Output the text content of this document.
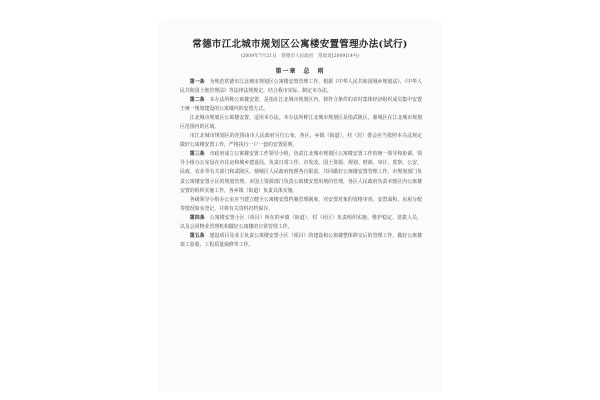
常德市江北城市规划区公寓楼安置管理办法(试行)
(2009年7月21日　常德市人民政府　常政发[2009]14号)
第一章　总　则

第一条　 为规范常德市江北城市规划区公寓楼安置管理工作，根据《中华人民共和国城乡规划法》、《中华人民共和国土地管理法》等法律法规规定，结合我市实际，制定本办法。

第二条　 本办法所称公寓楼安置，是指在江北城市规划区内，将符合条件的农村集体经济组织成员集中安置于统一规划建设的公寓楼内的安置方式。

江北城市规划区公寓楼安置，适用本办法。本办法所称江北城市规划区是指武陵区、鼎城区在江北城市规划区范围内的区域。

市江北城市规划区的范围由市人民政府另行公布，各区、乡镇（街道）、村（居）委会应当依照本办法规定做好公寓楼安置工作，严格执行一户一套的安置原则。

第三条　 市政府成立公寓楼安置工作领导小组，负责江北城市规划区公寓楼安置工作的统一领导和协调。领导小组办公室设在市住房和城乡建设局，负责日常工作。市发改、国土资源、规划、财政、审计、监察、公安、民政、农业等有关部门和武陵区、鼎城区人民政府按照各自职责，共同做好公寓楼安置管理工作。市规划部门负责公寓楼安置小区的规划管理，市国土资源部门负责公寓楼安置用地的管理，各区人民政府负责本辖区内公寓楼安置的组织实施工作，各乡镇（街道）负责具体实施。

各级领导小组办公室应当建立健全公寓楼安置档案管理制度，对安置对象的资格审查、安置面积、房屋分配等情况如实登记，并将有关资料归档保存。

第四条　 公寓楼安置小区（项目）所在的乡镇（街道）、村（社区）负责组织实施、维护稳定、选拔人员，以及会同物业管理机构做好公寓楼的日常管理工作。

第五条　 建设项目及业主负责公寓楼安置小区（项目）的建设和公寓楼整体移交后的管理工作，做好公寓楼竣工验收、工程质量保修等工作。
